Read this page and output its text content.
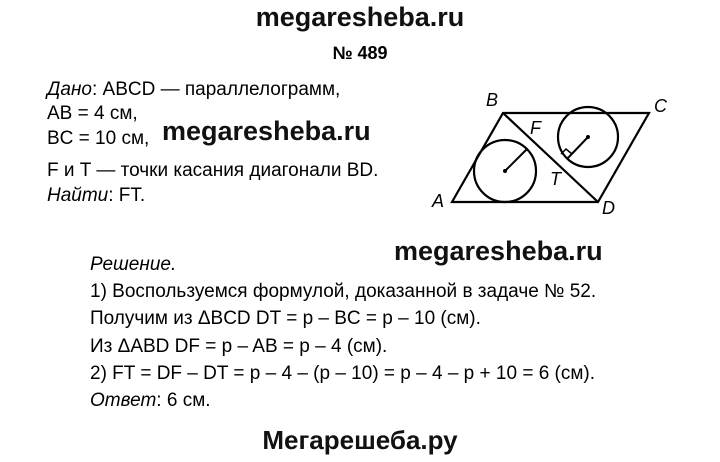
megaresheba.ru
№ 489
Дано: ABCD — параллелограмм,
AB = 4 см,
BC = 10 см,
F и T — точки касания диагонали BD.
Найти: FT.
megaresheba.ru
megaresheba.ru
A
B	C
D
F
T
Решение.
1) Воспользуемся формулой, доказанной в задаче № 52.
Получим из ΔBCD DT = p – BC = p – 10 (см).
Из ΔABD DF = p – AB = p – 4 (см).
2) FT = DF – DT = p – 4 – (p – 10) = p – 4 – p + 10 = 6 (см).
Ответ: 6 см.
Мегарешеба.ру
